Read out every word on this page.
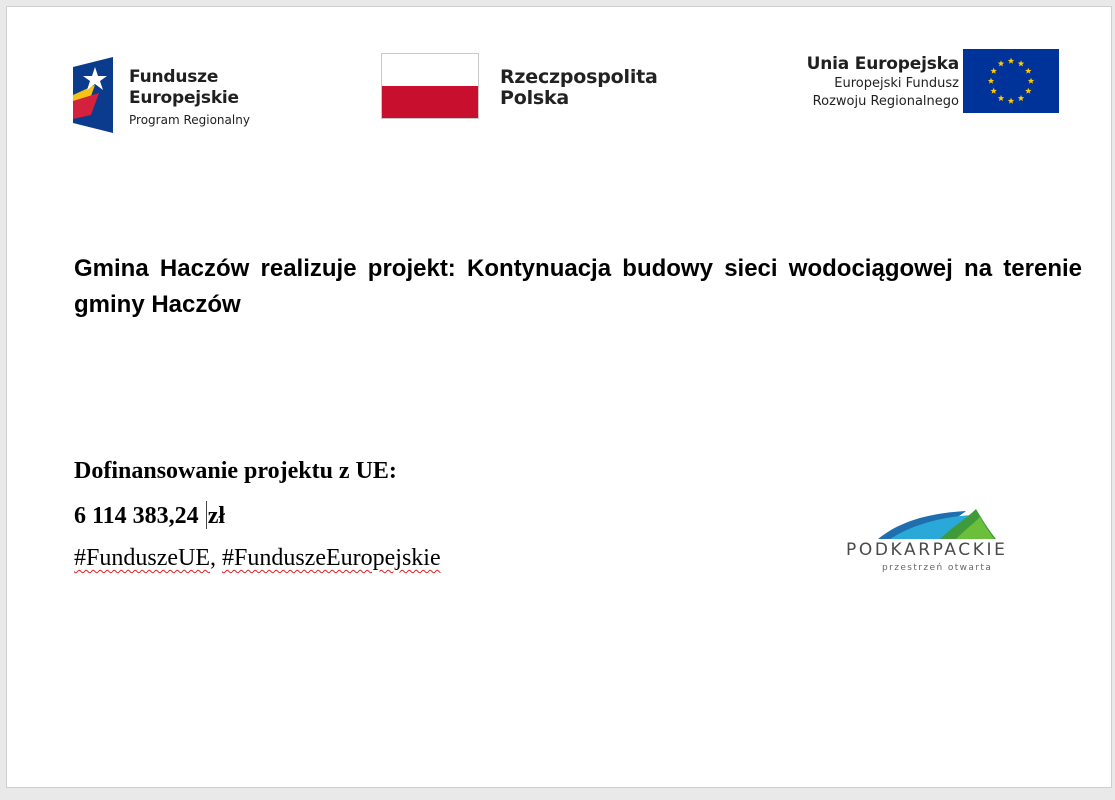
Fundusze
Europejskie
Program Regionalny
Rzeczpospolita
Polska
Unia Europejska
Europejski Fundusz
Rozwoju Regionalnego

Gmina Haczów realizuje projekt: Kontynuacja budowy sieci wodociągowej na terenie gminy Haczów

Dofinansowanie projektu z UE:

6 114 383,24 zł

#FunduszeUE, #FunduszeEuropejskie	PODKARPACKIE
przestrzeń otwarta
